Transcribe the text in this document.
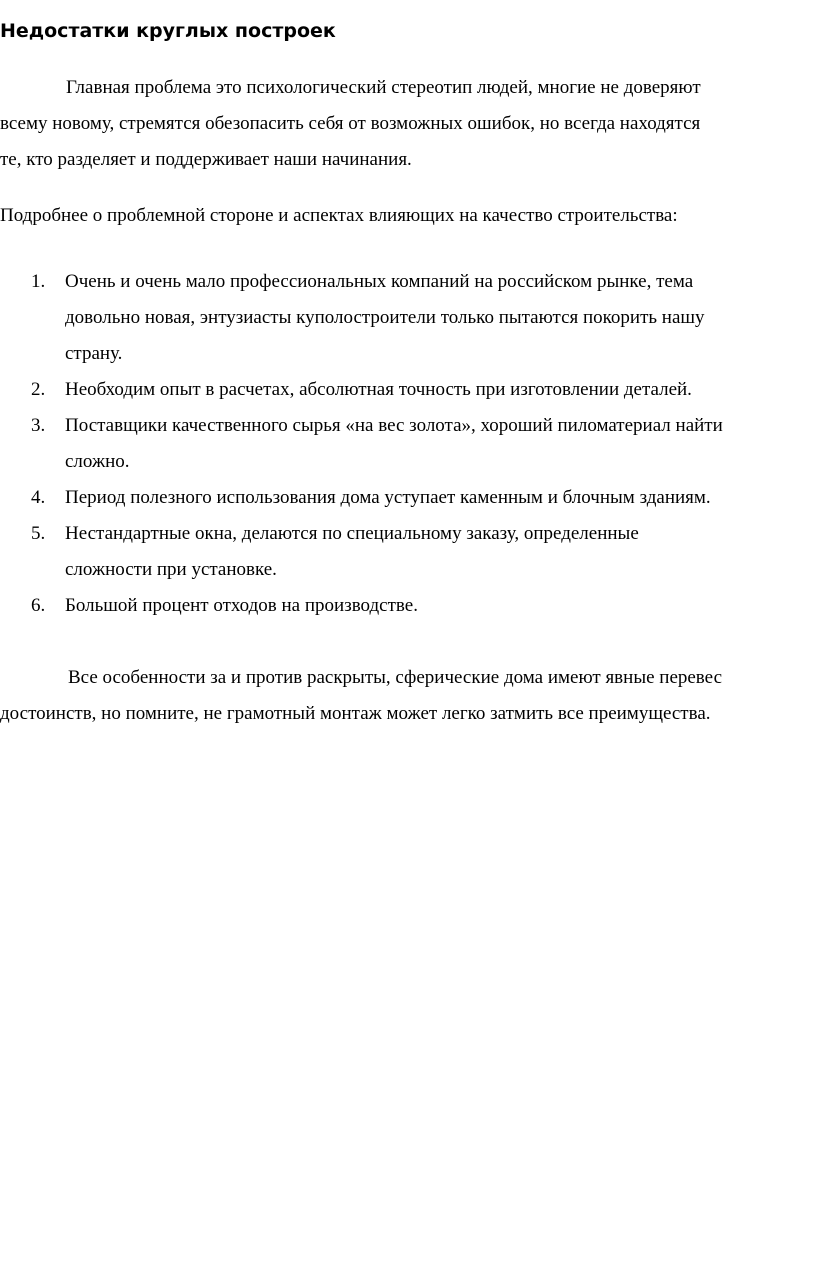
Недостатки круглых построек

Главная проблема это психологический стереотип людей, многие не доверяют
всему новому, стремятся обезопасить себя от возможных ошибок, но всегда находятся
те, кто разделяет и поддерживает наши начинания.

Подробнее о проблемной стороне и аспектах влияющих на качество строительства:

1. Очень и очень мало профессиональных компаний на российском рынке, тема
довольно новая, энтузиасты куполостроители только пытаются покорить нашу
страну.
2. Необходим опыт в расчетах, абсолютная точность при изготовлении деталей.
3. Поставщики качественного сырья «на вес золота», хороший пиломатериал найти
сложно.
4. Период полезного использования дома уступает каменным и блочным зданиям.
5. Нестандартные окна, делаются по специальному заказу, определенные
сложности при установке.
6. Большой процент отходов на производстве.

Все особенности за и против раскрыты, сферические дома имеют явные перевес
достоинств, но помните, не грамотный монтаж может легко затмить все преимущества.
